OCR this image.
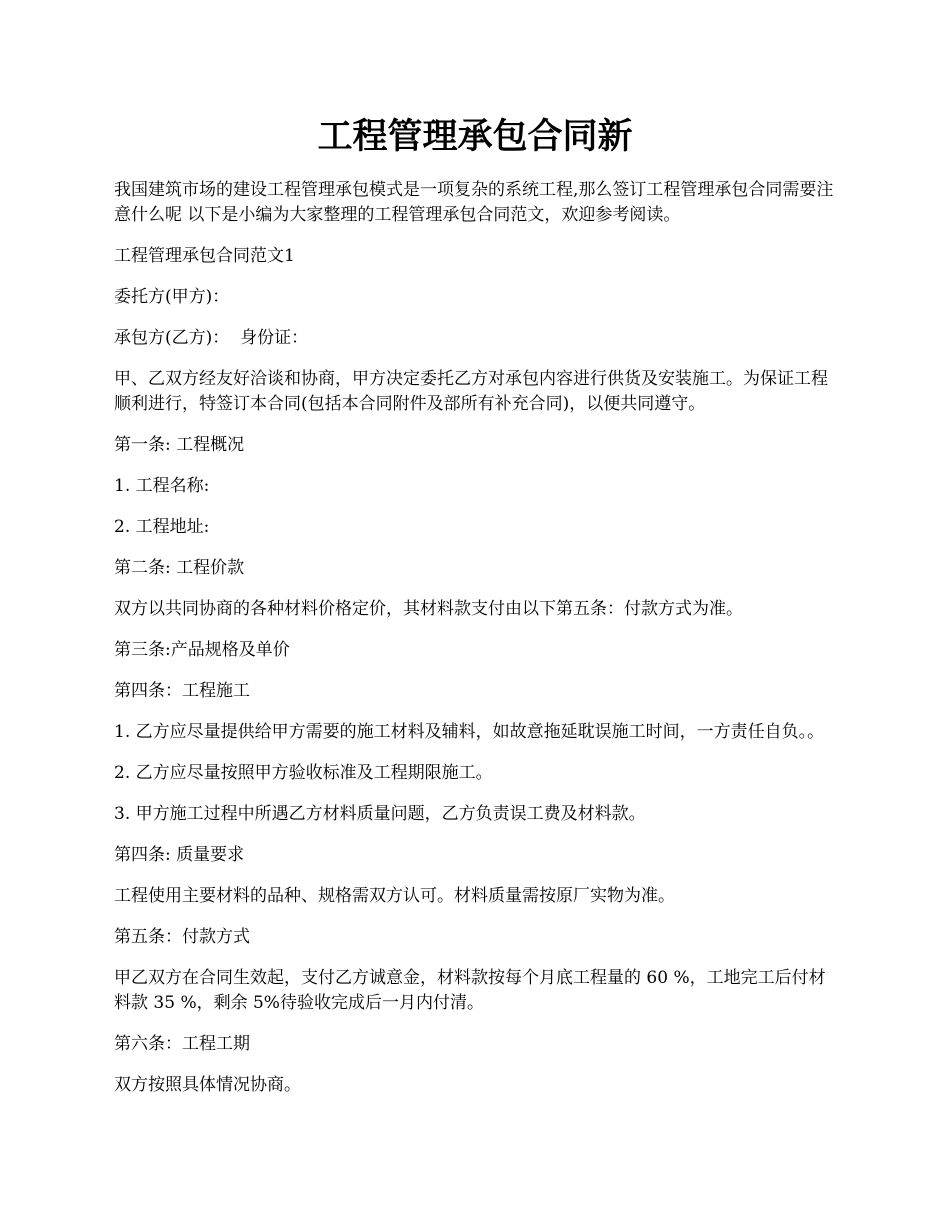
工程管理承包合同新

我国建筑市场的建设工程管理承包模式是一项复杂的系统工程,那么签订工程管理承包合同需要注意什么呢 以下是小编为大家整理的工程管理承包合同范文，欢迎参考阅读。

工程管理承包合同范文1

委托方(甲方)：

承包方(乙方)：  身份证：

甲、乙双方经友好洽谈和协商，甲方决定委托乙方对承包内容进行供货及安装施工。为保证工程顺利进行，特签订本合同(包括本合同附件及部所有补充合同)，以便共同遵守。

第一条: 工程概况

1. 工程名称:

2. 工程地址:

第二条: 工程价款

双方以共同协商的各种材料价格定价，其材料款支付由以下第五条：付款方式为准。

第三条:产品规格及单价

第四条：工程施工

1. 乙方应尽量提供给甲方需要的施工材料及辅料，如故意拖延耽误施工时间，一方责任自负。。

2. 乙方应尽量按照甲方验收标准及工程期限施工。

3. 甲方施工过程中所遇乙方材料质量问题，乙方负责误工费及材料款。

第四条: 质量要求

工程使用主要材料的品种、规格需双方认可。材料质量需按原厂实物为准。

第五条：付款方式

甲乙双方在合同生效起，支付乙方诚意金，材料款按每个月底工程量的 60 %，工地完工后付材料款 35 %，剩余 5%待验收完成后一月内付清。

第六条：工程工期

双方按照具体情况协商。
